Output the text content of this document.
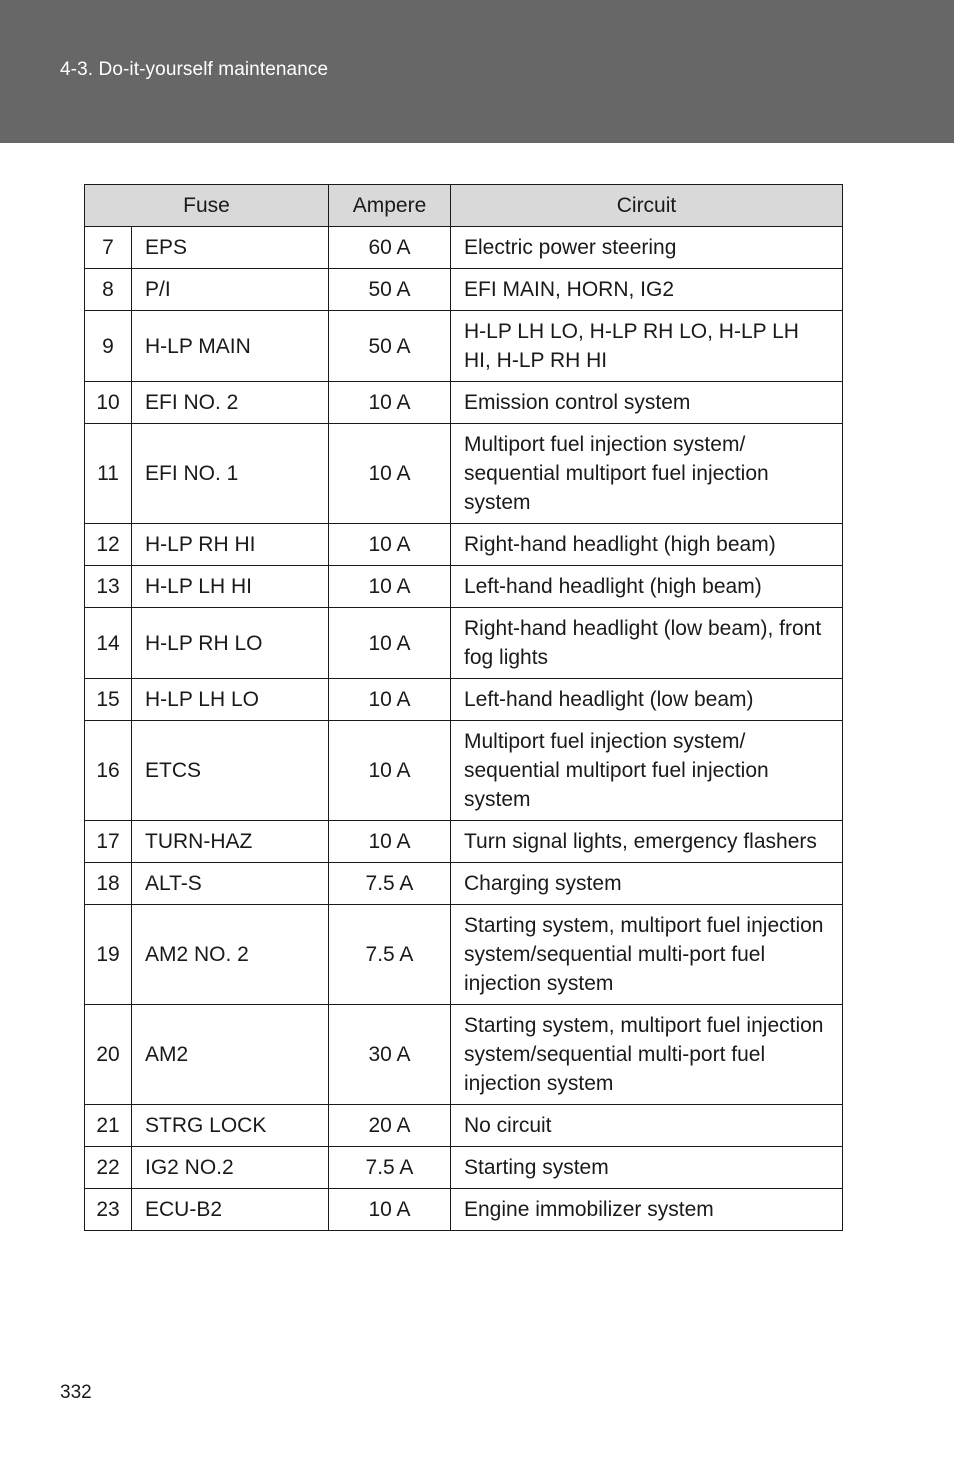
4-3. Do-it-yourself maintenance
Fuse		Ampere	Circuit
7	EPS	60 A	Electric power steering
8	P/I	50 A	EFI MAIN, HORN, IG2
9	H-LP MAIN	50 A	H-LP LH LO, H-LP RH LO, H-LP LH HI, H-LP RH HI
10	EFI NO. 2	10 A	Emission control system
11	EFI NO. 1	10 A	Multiport fuel injection system/ sequential multiport fuel injection system
12	H-LP RH HI	10 A	Right-hand headlight (high beam)
13	H-LP LH HI	10 A	Left-hand headlight (high beam)
14	H-LP RH LO	10 A	Right-hand headlight (low beam), front fog lights
15	H-LP LH LO	10 A	Left-hand headlight (low beam)
16	ETCS	10 A	Multiport fuel injection system/ sequential multiport fuel injection system
17	TURN-HAZ	10 A	Turn signal lights, emergency flashers
18	ALT-S	7.5 A	Charging system
19	AM2 NO. 2	7.5 A	Starting system, multiport fuel injection system/sequential multi-port fuel injection system
20	AM2	30 A	Starting system, multiport fuel injection system/sequential multi-port fuel injection system
21	STRG LOCK	20 A	No circuit
22	IG2 NO.2	7.5 A	Starting system
23	ECU-B2	10 A	Engine immobilizer system
332
